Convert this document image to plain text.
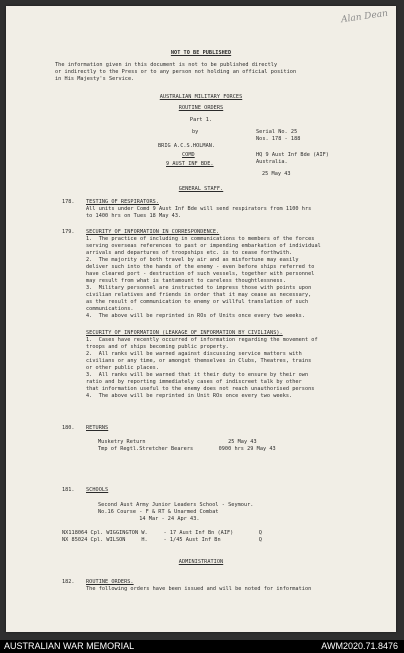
Alan Dean
NOT TO BE PUBLISHED
The information given in this document is not to be published directly
or indirectly to the Press or to any person not holding an official position
in His Majesty's Service.
AUSTRALIAN MILITARY FORCES
ROUTINE ORDERS
Part 1.
by	Serial No. 25
Nos. 178 - 188
BRIG A.C.S.HOLMAN.
COMD	HQ 9 Aust Inf Bde (AIF)
9 AUST INF BDE.	Australia.
25 May 43
GENERAL STAFF.
178. TESTING OF RESPIRATORS.
All units under Comd 9 Aust Inf Bde will send respirators from 1100 hrs
to 1400 hrs on Tues 18 May 43.
179. SECURITY OF INFORMATION IN CORRESPONDENCE.
1.  The practice of including in communications to members of the forces
serving overseas references to past or impending embarkation of individual
arrivals and departures of troopships etc. is to cease forthwith.
2.  The majority of both travel by air and as misfortune may easily
deliver such into the hands of the enemy - even before ships referred to
have cleared port - destruction of such vessels, together with personnel
may result from what is tantamount to careless thoughtlessness.
3.  Military personnel are instructed to impress those with points upon
civilian relatives and friends in order that it may cease as necessary,
as the result of communication to enemy or willful translation of such
communications.
4.  The above will be reprinted in ROs of Units once every two weeks.
SECURITY OF INFORMATION (LEAKAGE OF INFORMATION BY CIVILIANS).
1.  Cases have recently occurred of information regarding the movement of
troops and of ships becoming public property.
2.  All ranks will be warned against discussing service matters with
civilians or any time, or amongst themselves in Clubs, Theatres, trains
or other public places.
3.  All ranks will be warned that it their duty to ensure by their own
ratio and by reporting immediately cases of indiscreet talk by other
that information useful to the enemy does not reach unauthorised persons
4.  The above will be reprinted in Unit ROs once every two weeks.
180. RETURNS
Musketry Return                          25 May 43
Tmp of Regtl.Stretcher Bearers        0900 hrs 29 May 43
181. SCHOOLS
Second Aust Army Junior Leaders School - Seymour.
No.16 Course - F & RT & Unarmed Combat
14 Mar - 24 Apr 43.
NX118064 Cpl. WIGGINGTON W.     - 17 Aust Inf Bn (AIF)        Q
NX 85024 Cpl. WILSON     H.     - 1/45 Aust Inf Bn            Q
ADMINISTRATION
182. ROUTINE ORDERS.
The following orders have been issued and will be noted for information
AUSTRALIAN WAR MEMORIAL	AWM2020.71.8476
